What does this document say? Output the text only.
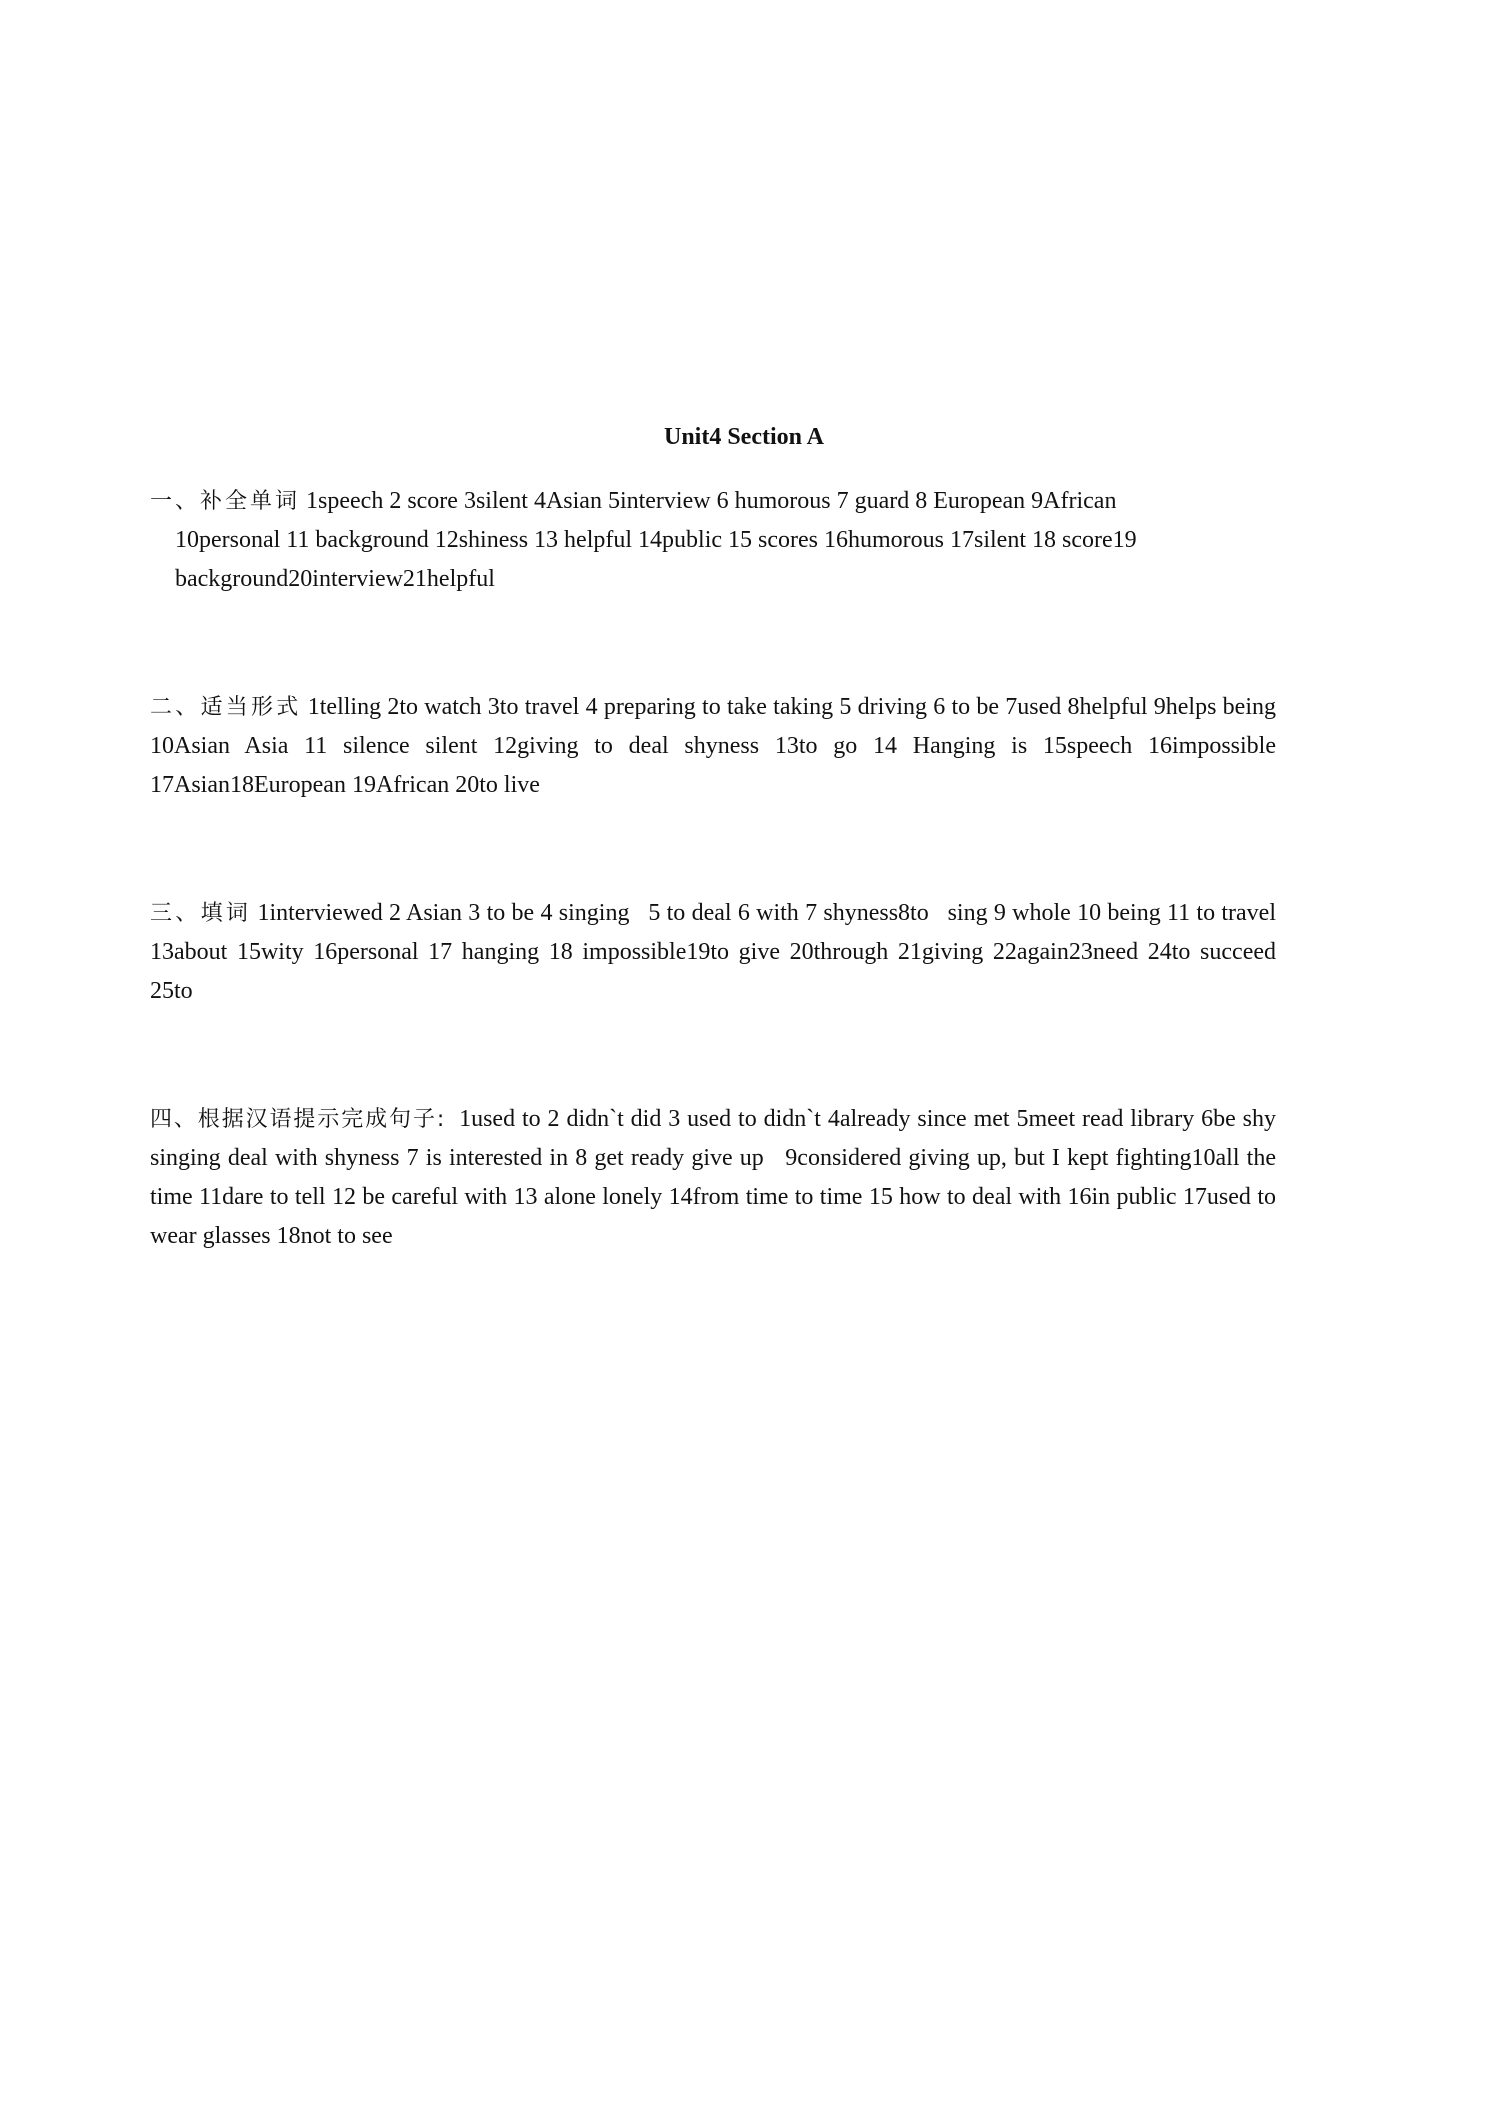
Unit4 Section A
一、补全单词 1speech 2 score 3silent 4Asian 5interview 6 humorous 7 guard 8 European 9African
10personal 11 background 12shiness 13 helpful 14public 15 scores 16humorous 17silent 18 score19
background20interview21helpful
二、适当形式 1telling 2to watch 3to travel 4 preparing to take taking 5 driving 6 to be 7used 8helpful 9helps being 10Asian Asia 11 silence silent 12giving to deal shyness 13to go 14 Hanging is 15speech 16impossible 17Asian18European 19African 20to live
三、填词 1interviewed 2 Asian 3 to be 4 singing   5 to deal 6 with 7 shyness8to   sing 9 whole 10 being 11 to travel 13about 15wity 16personal 17 hanging 18 impossible19to give 20through 21giving 22again23need 24to succeed 25to
四、根据汉语提示完成句子:  1used to 2 didn`t did 3 used to didn`t 4already since met 5meet read library 6be shy singing deal with shyness 7 is interested in 8 get ready give up   9considered giving up, but I kept fighting10all the time 11dare to tell 12 be careful with 13 alone lonely 14from time to time 15 how to deal with 16in public 17used to wear glasses 18not to see
